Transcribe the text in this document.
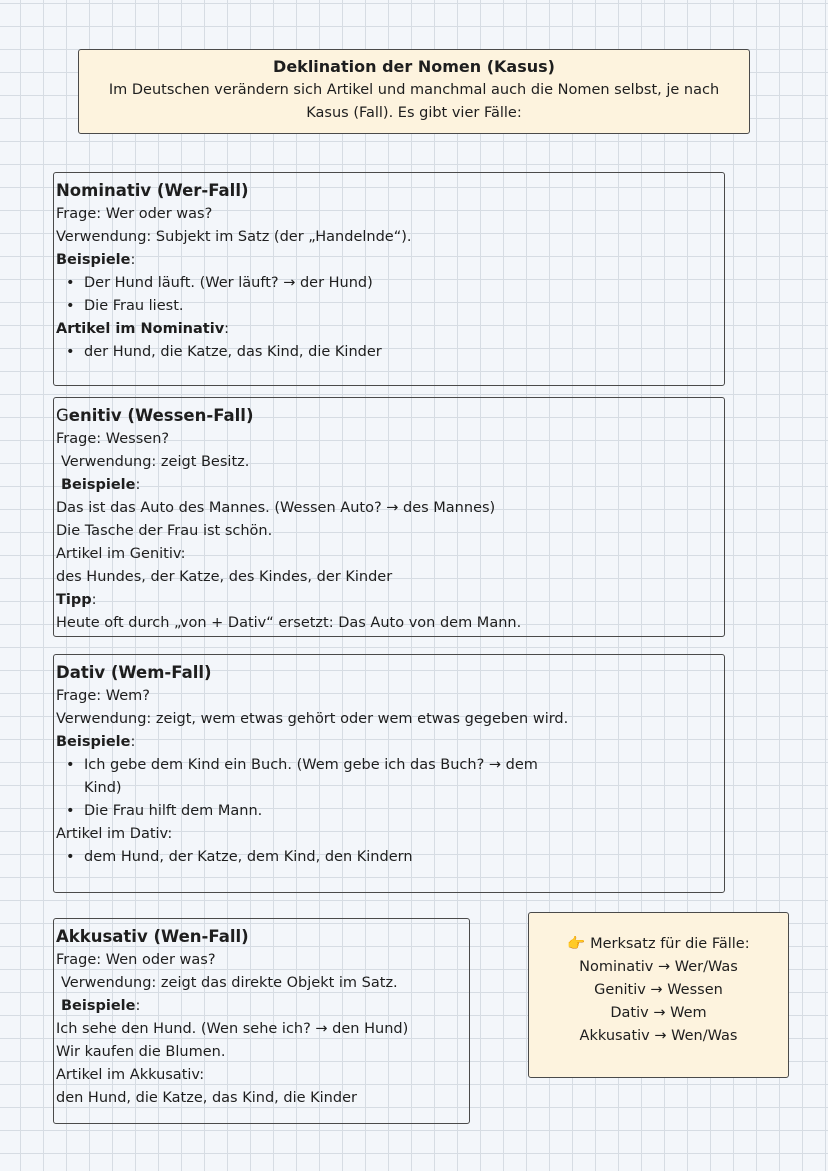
Deklination der Nomen (Kasus)
Im Deutschen verändern sich Artikel und manchmal auch die Nomen selbst, je nach Kasus (Fall). Es gibt vier Fälle:
Nominativ (Wer-Fall)
Frage: Wer oder was?
Verwendung: Subjekt im Satz (der „Handelnde“).
Beispiele:
• Der Hund läuft. (Wer läuft? → der Hund)
• Die Frau liest.
Artikel im Nominativ:
• der Hund, die Katze, das Kind, die Kinder
Genitiv (Wessen-Fall)
Frage: Wessen?
Verwendung: zeigt Besitz.
Beispiele:
Das ist das Auto des Mannes. (Wessen Auto? → des Mannes)
Die Tasche der Frau ist schön.
Artikel im Genitiv:
des Hundes, der Katze, des Kindes, der Kinder
Tipp:
Heute oft durch „von + Dativ“ ersetzt: Das Auto von dem Mann.
Dativ (Wem-Fall)
Frage: Wem?
Verwendung: zeigt, wem etwas gehört oder wem etwas gegeben wird.
Beispiele:
• Ich gebe dem Kind ein Buch. (Wem gebe ich das Buch? → dem
Kind)
• Die Frau hilft dem Mann.
Artikel im Dativ:
• dem Hund, der Katze, dem Kind, den Kindern
Akkusativ (Wen-Fall)
Frage: Wen oder was?
Verwendung: zeigt das direkte Objekt im Satz.
Beispiele:
Ich sehe den Hund. (Wen sehe ich? → den Hund)
Wir kaufen die Blumen.
Artikel im Akkusativ:
den Hund, die Katze, das Kind, die Kinder
👉 Merksatz für die Fälle:
Nominativ → Wer/Was
Genitiv → Wessen
Dativ → Wem
Akkusativ → Wen/Was
